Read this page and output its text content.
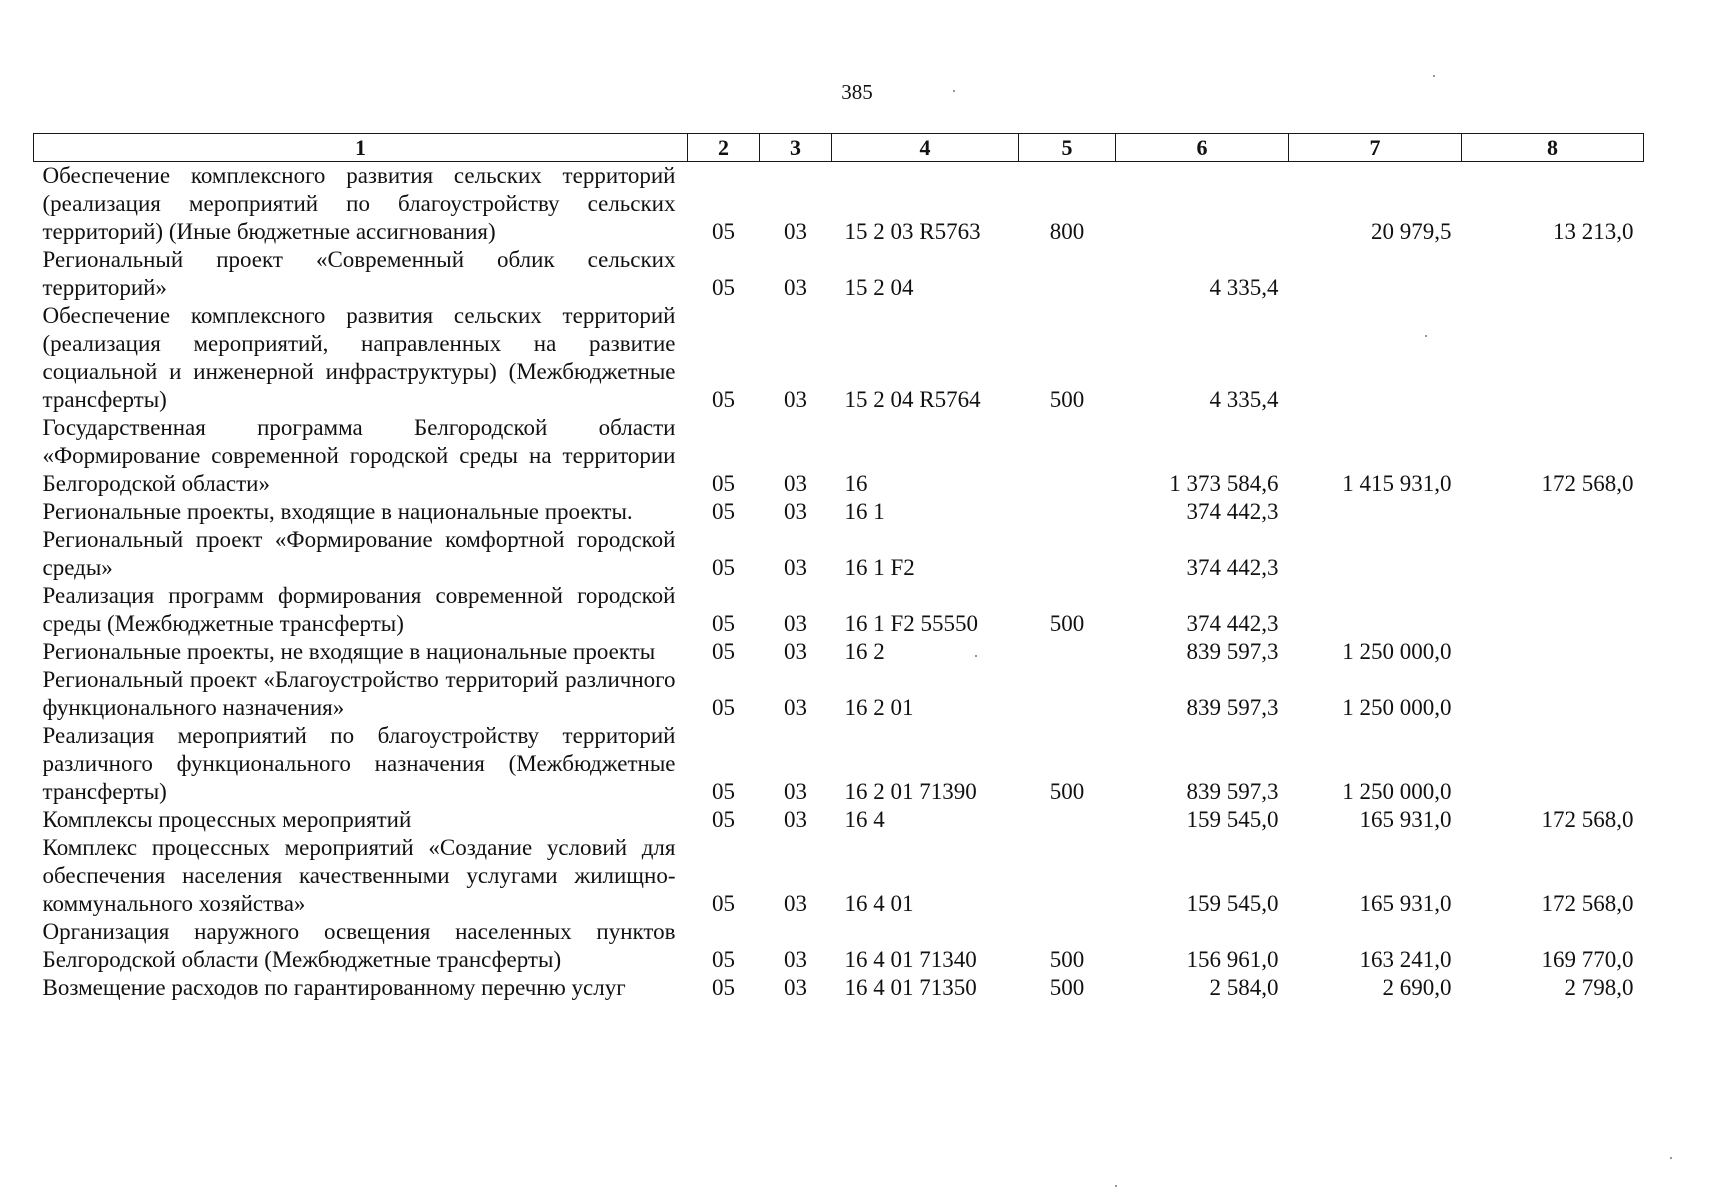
385
1	2	3	4	5	6	7	8
Обеспечение комплексного развития сельских территорий (реализация мероприятий по благоустройству сельских территорий) (Иные бюджетные ассигнования)	05	03	15 2 03 R5763	800		20 979,5	13 213,0
Региональный проект «Современный облик сельских территорий»	05	03	15 2 04		4 335,4		
Обеспечение комплексного развития сельских территорий (реализация мероприятий, направленных на развитие социальной и инженерной инфраструктуры) (Межбюджетные трансферты)	05	03	15 2 04 R5764	500	4 335,4		
Государственная программа Белгородской области «Формирование современной городской среды на территории Белгородской области»	05	03	16		1 373 584,6	1 415 931,0	172 568,0
Региональные проекты, входящие в национальные проекты.	05	03	16 1		374 442,3		
Региональный проект «Формирование комфортной городской среды»	05	03	16 1 F2		374 442,3		
Реализация программ формирования современной городской среды (Межбюджетные трансферты)	05	03	16 1 F2 55550	500	374 442,3		
Региональные проекты, не входящие в национальные проекты	05	03	16 2		839 597,3	1 250 000,0	
Региональный проект «Благоустройство территорий различного функционального назначения»	05	03	16 2 01		839 597,3	1 250 000,0	
Реализация мероприятий по благоустройству территорий различного функционального назначения (Межбюджетные трансферты)	05	03	16 2 01 71390	500	839 597,3	1 250 000,0	
Комплексы процессных мероприятий	05	03	16 4		159 545,0	165 931,0	172 568,0
Комплекс процессных мероприятий «Создание условий для обеспечения населения качественными услугами жилищно-коммунального хозяйства»	05	03	16 4 01		159 545,0	165 931,0	172 568,0
Организация наружного освещения населенных пунктов Белгородской области (Межбюджетные трансферты)	05	03	16 4 01 71340	500	156 961,0	163 241,0	169 770,0
Возмещение расходов по гарантированному перечню услуг	05	03	16 4 01 71350	500	2 584,0	2 690,0	2 798,0
